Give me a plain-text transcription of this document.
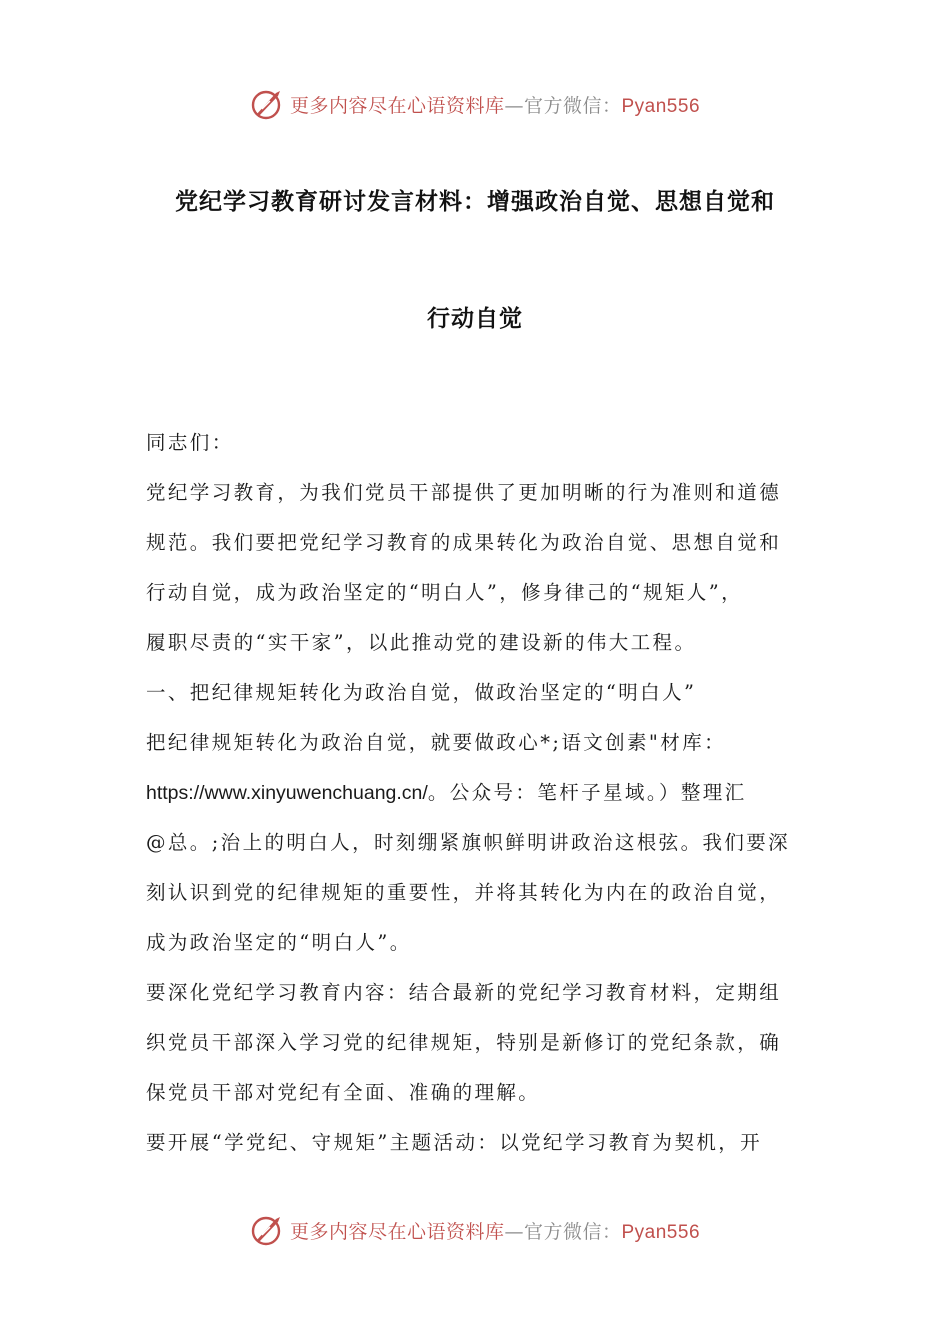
更多内容尽在心语资料库—官方微信：Pyan556
党纪学习教育研讨发言材料：增强政治自觉、思想自觉和
行动自觉

同志们：

党纪学习教育，为我们党员干部提供了更加明晰的行为准则和道德

规范。我们要把党纪学习教育的成果转化为政治自觉、思想自觉和

行动自觉，成为政治坚定的“明白人”，修身律己的“规矩人”，

履职尽责的“实干家”，以此推动党的建设新的伟大工程。

一、把纪律规矩转化为政治自觉，做政治坚定的“明白人”

把纪律规矩转化为政治自觉，就要做政心*;语文创素"材库：

https://www.xinyuwenchuang.cn/。公众号：笔杆子星域。）整理汇

@总。;治上的明白人，时刻绷紧旗帜鲜明讲政治这根弦。我们要深

刻认识到党的纪律规矩的重要性，并将其转化为内在的政治自觉，

成为政治坚定的“明白人”。

要深化党纪学习教育内容：结合最新的党纪学习教育材料，定期组

织党员干部深入学习党的纪律规矩，特别是新修订的党纪条款，确

保党员干部对党纪有全面、准确的理解。

要开展“学党纪、守规矩”主题活动：以党纪学习教育为契机，开

更多内容尽在心语资料库—官方微信：Pyan556
